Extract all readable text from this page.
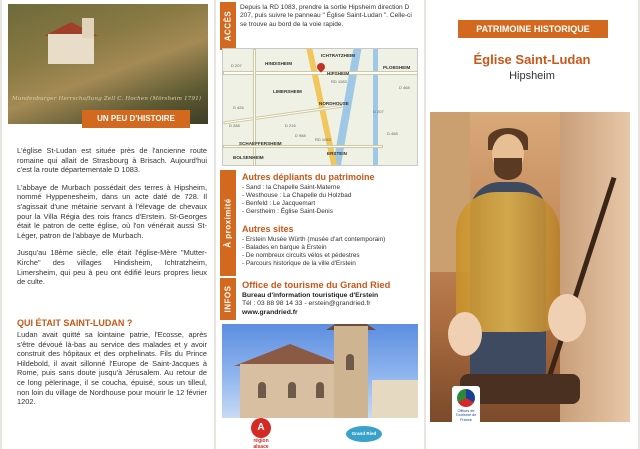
Mundenburger Herrschaftung Zell C. Hochen (Mörsheim 1791)
UN PEU D'HISTOIRE

L'église St-Ludan est située près de l'ancienne route romaine qui allait de Strasbourg à Brisach. Aujourd'hui c'est la route départementale D 1083.

L'abbaye de Murbach possédait des terres à Hipsheim, nommé Hyppenesheim, dans un acte daté de 728. Il s'agissait d'une métairie servant à l'élevage de chevaux pour la Villa Régia des rois francs d'Erstein. St-Georges était le patron de cette église, où l'on vénérait aussi St-Léger, patron de l'abbaye de Murbach.

Jusqu'au 18ème siècle, elle était l'église-Mère "Mutter-Kirche" des villages Hindisheim, Ichtratzheim, Limersheim, qui peu à peu ont édifié leurs propres lieux de culte.

QUI ÉTAIT SAINT-LUDAN ?

Ludan avait quitté sa lointaine patrie, l'Ecosse, après s'être dévoué là-bas au service des malades et y avoir construit des hôpitaux et des orphelinats. Fils du Prince Hildebold, il avait sillonné l'Europe de Saint-Jacques à Rome, puis sans doute jusqu'à Jérusalem. Au retour de ce long pèlerinage, il se coucha, épuisé, sous un tilleul, non loin du village de Nordhouse pour mourir le 12 février 1202.

ACCÈS
Depuis la RD 1083, prendre la sortie Hipsheim direction D 207, puis suivre le panneau " Église Saint-Ludan ". Celle-ci se trouve au bord de la voie rapide.
ICHTRATZHEIM
HINDISHEIM
HIPSHEIM
PLOBSHEIM
LIMERSHEIM
NORDHOUSE
SCHAEFFERSHEIM
BOLSENHEIM
ERSTEIN
D 207
RD 1083
D 468
D 426
D 288	D 216
D 988
D 207
RD 1083
D 468
À proximité
Autres dépliants du patrimoine
- Sand : la Chapelle Saint-Materne
- Westhouse : La Chapelle du Holzbad
- Benfeld : Le Jacquemart
- Gerstheim : Église Saint-Denis
Autres sites
- Erstein Musée Würth (musée d'art contemporain)
- Balades en barque à Erstein
- De nombreux circuits vélos et pédestres
- Parcours historique de la ville d'Erstein
INFOS
Office de tourisme du Grand Ried
Bureau d'information touristique d'Erstein
Tél : 03 88 98 14 33 - erstein@grandried.fr
www.grandried.fr
A
région alsace
Grand Ried
PATRIMOINE HISTORIQUE
Église Saint-Ludan
Hipsheim
Offices de Tourisme de France
